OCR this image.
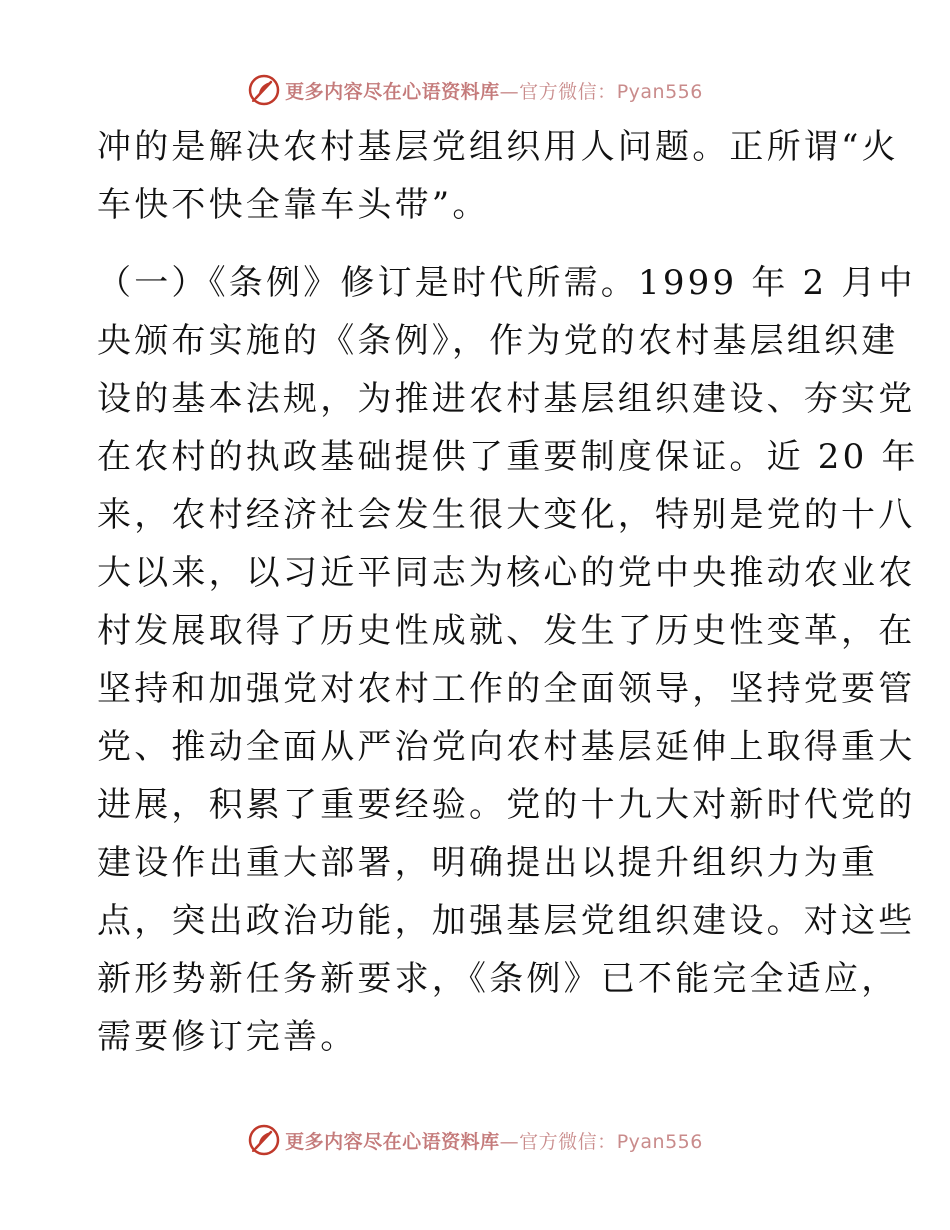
更多内容尽在心语资料库—官方微信：Pyan556
冲的是解决农村基层党组织用人问题。正所谓“火
车快不快全靠车头带”。
（一）《条例》修订是时代所需。1999 年 2 月中
央颁布实施的《条例》，作为党的农村基层组织建
设的基本法规，为推进农村基层组织建设、夯实党
在农村的执政基础提供了重要制度保证。近 20 年
来，农村经济社会发生很大变化，特别是党的十八
大以来，以习近平同志为核心的党中央推动农业农
村发展取得了历史性成就、发生了历史性变革，在
坚持和加强党对农村工作的全面领导，坚持党要管
党、推动全面从严治党向农村基层延伸上取得重大
进展，积累了重要经验。党的十九大对新时代党的
建设作出重大部署，明确提出以提升组织力为重
点，突出政治功能，加强基层党组织建设。对这些
新形势新任务新要求，《条例》已不能完全适应，
需要修订完善。
更多内容尽在心语资料库—官方微信：Pyan556
